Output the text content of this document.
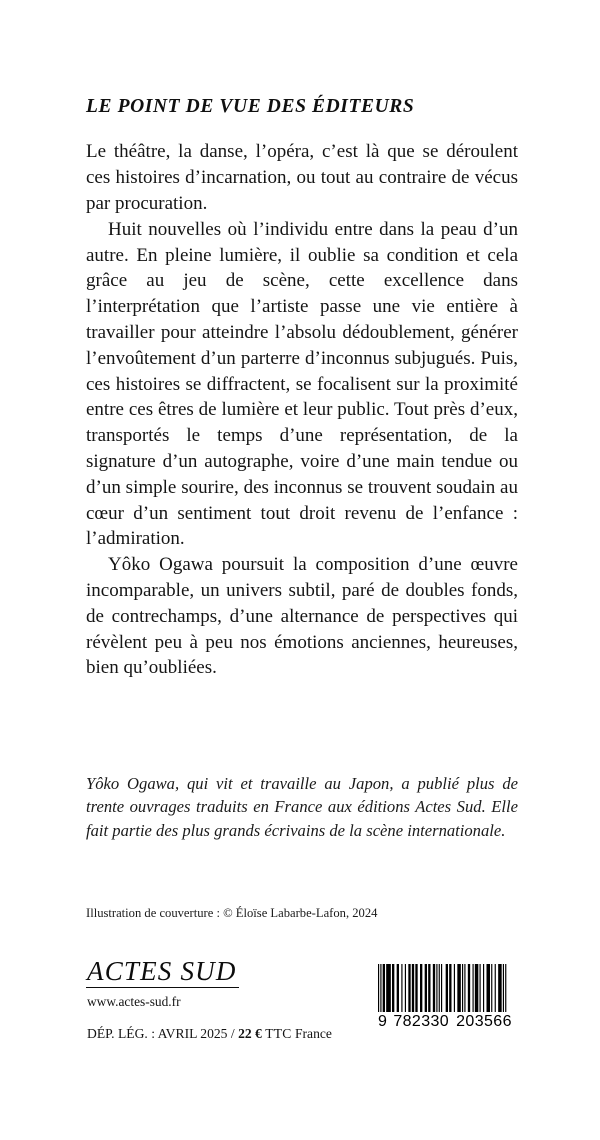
LE POINT DE VUE DES ÉDITEURS

Le théâtre, la danse, l’opéra, c’est là que se déroulent ces histoires d’incarnation, ou tout au contraire de vécus par procuration.

Huit nouvelles où l’individu entre dans la peau d’un autre. En pleine lumière, il oublie sa condition et cela grâce au jeu de scène, cette excellence dans l’interprétation que l’artiste passe une vie entière à travailler pour atteindre l’absolu dédoublement, générer l’envoûtement d’un parterre d’inconnus subjugués. Puis, ces histoires se diffractent, se focalisent sur la proximité entre ces êtres de lumière et leur public. Tout près d’eux, transportés le temps d’une représentation, de la signature d’un autographe, voire d’une main tendue ou d’un simple sourire, des inconnus se trouvent soudain au cœur d’un sentiment tout droit revenu de l’enfance : l’admiration.

Yôko Ogawa poursuit la composition d’une œuvre incomparable, un univers subtil, paré de doubles fonds, de contrechamps, d’une alternance de perspectives qui révèlent peu à peu nos émotions anciennes, heureuses, bien qu’oubliées.

Yôko Ogawa, qui vit et travaille au Japon, a publié plus de trente ouvrages traduits en France aux éditions Actes Sud. Elle fait partie des plus grands écrivains de la scène internationale.

Illustration de couverture : © Éloïse Labarbe-Lafon, 2024

ACTES SUD
www.actes-sud.fr
DÉP. LÉG. : AVRIL 2025 / 22 € TTC France
9 782330 203566
